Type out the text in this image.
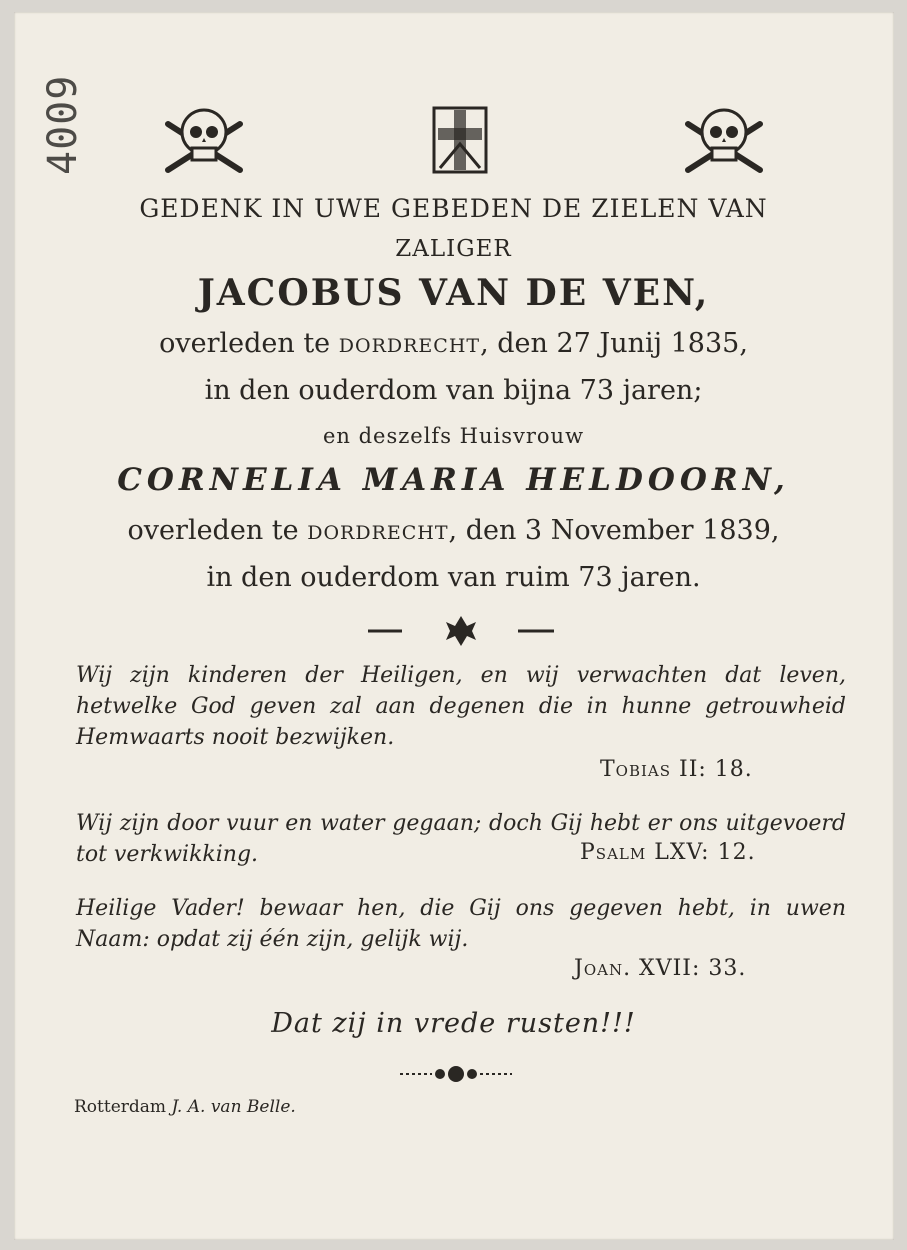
4009
GEDENK IN UWE GEBEDEN DE ZIELEN VAN
ZALIGER
JACOBUS VAN DE VEN,
overleden te dordrecht, den 27 Junij 1835,
in den ouderdom van bijna 73 jaren;
en deszelfs Huisvrouw
CORNELIA MARIA HELDOORN,
overleden te dordrecht, den 3 November 1839,
in den ouderdom van ruim 73 jaren.
Wij zijn kinderen der Heiligen, en wij verwachten dat leven, hetwelke God geven zal aan degenen die in hunne getrouwheid Hemwaarts nooit bezwijken.
Tobias II: 18.
Wij zijn door vuur en water gegaan; doch Gij hebt er ons uitgevoerd tot verkwikking.	Psalm LXV: 12.
Heilige Vader! bewaar hen, die Gij ons gegeven hebt, in uwen Naam: opdat zij één zijn, gelijk wij.
Joan. XVII: 33.
Dat zij in vrede rusten!!!
Rotterdam J. A. van Belle.
